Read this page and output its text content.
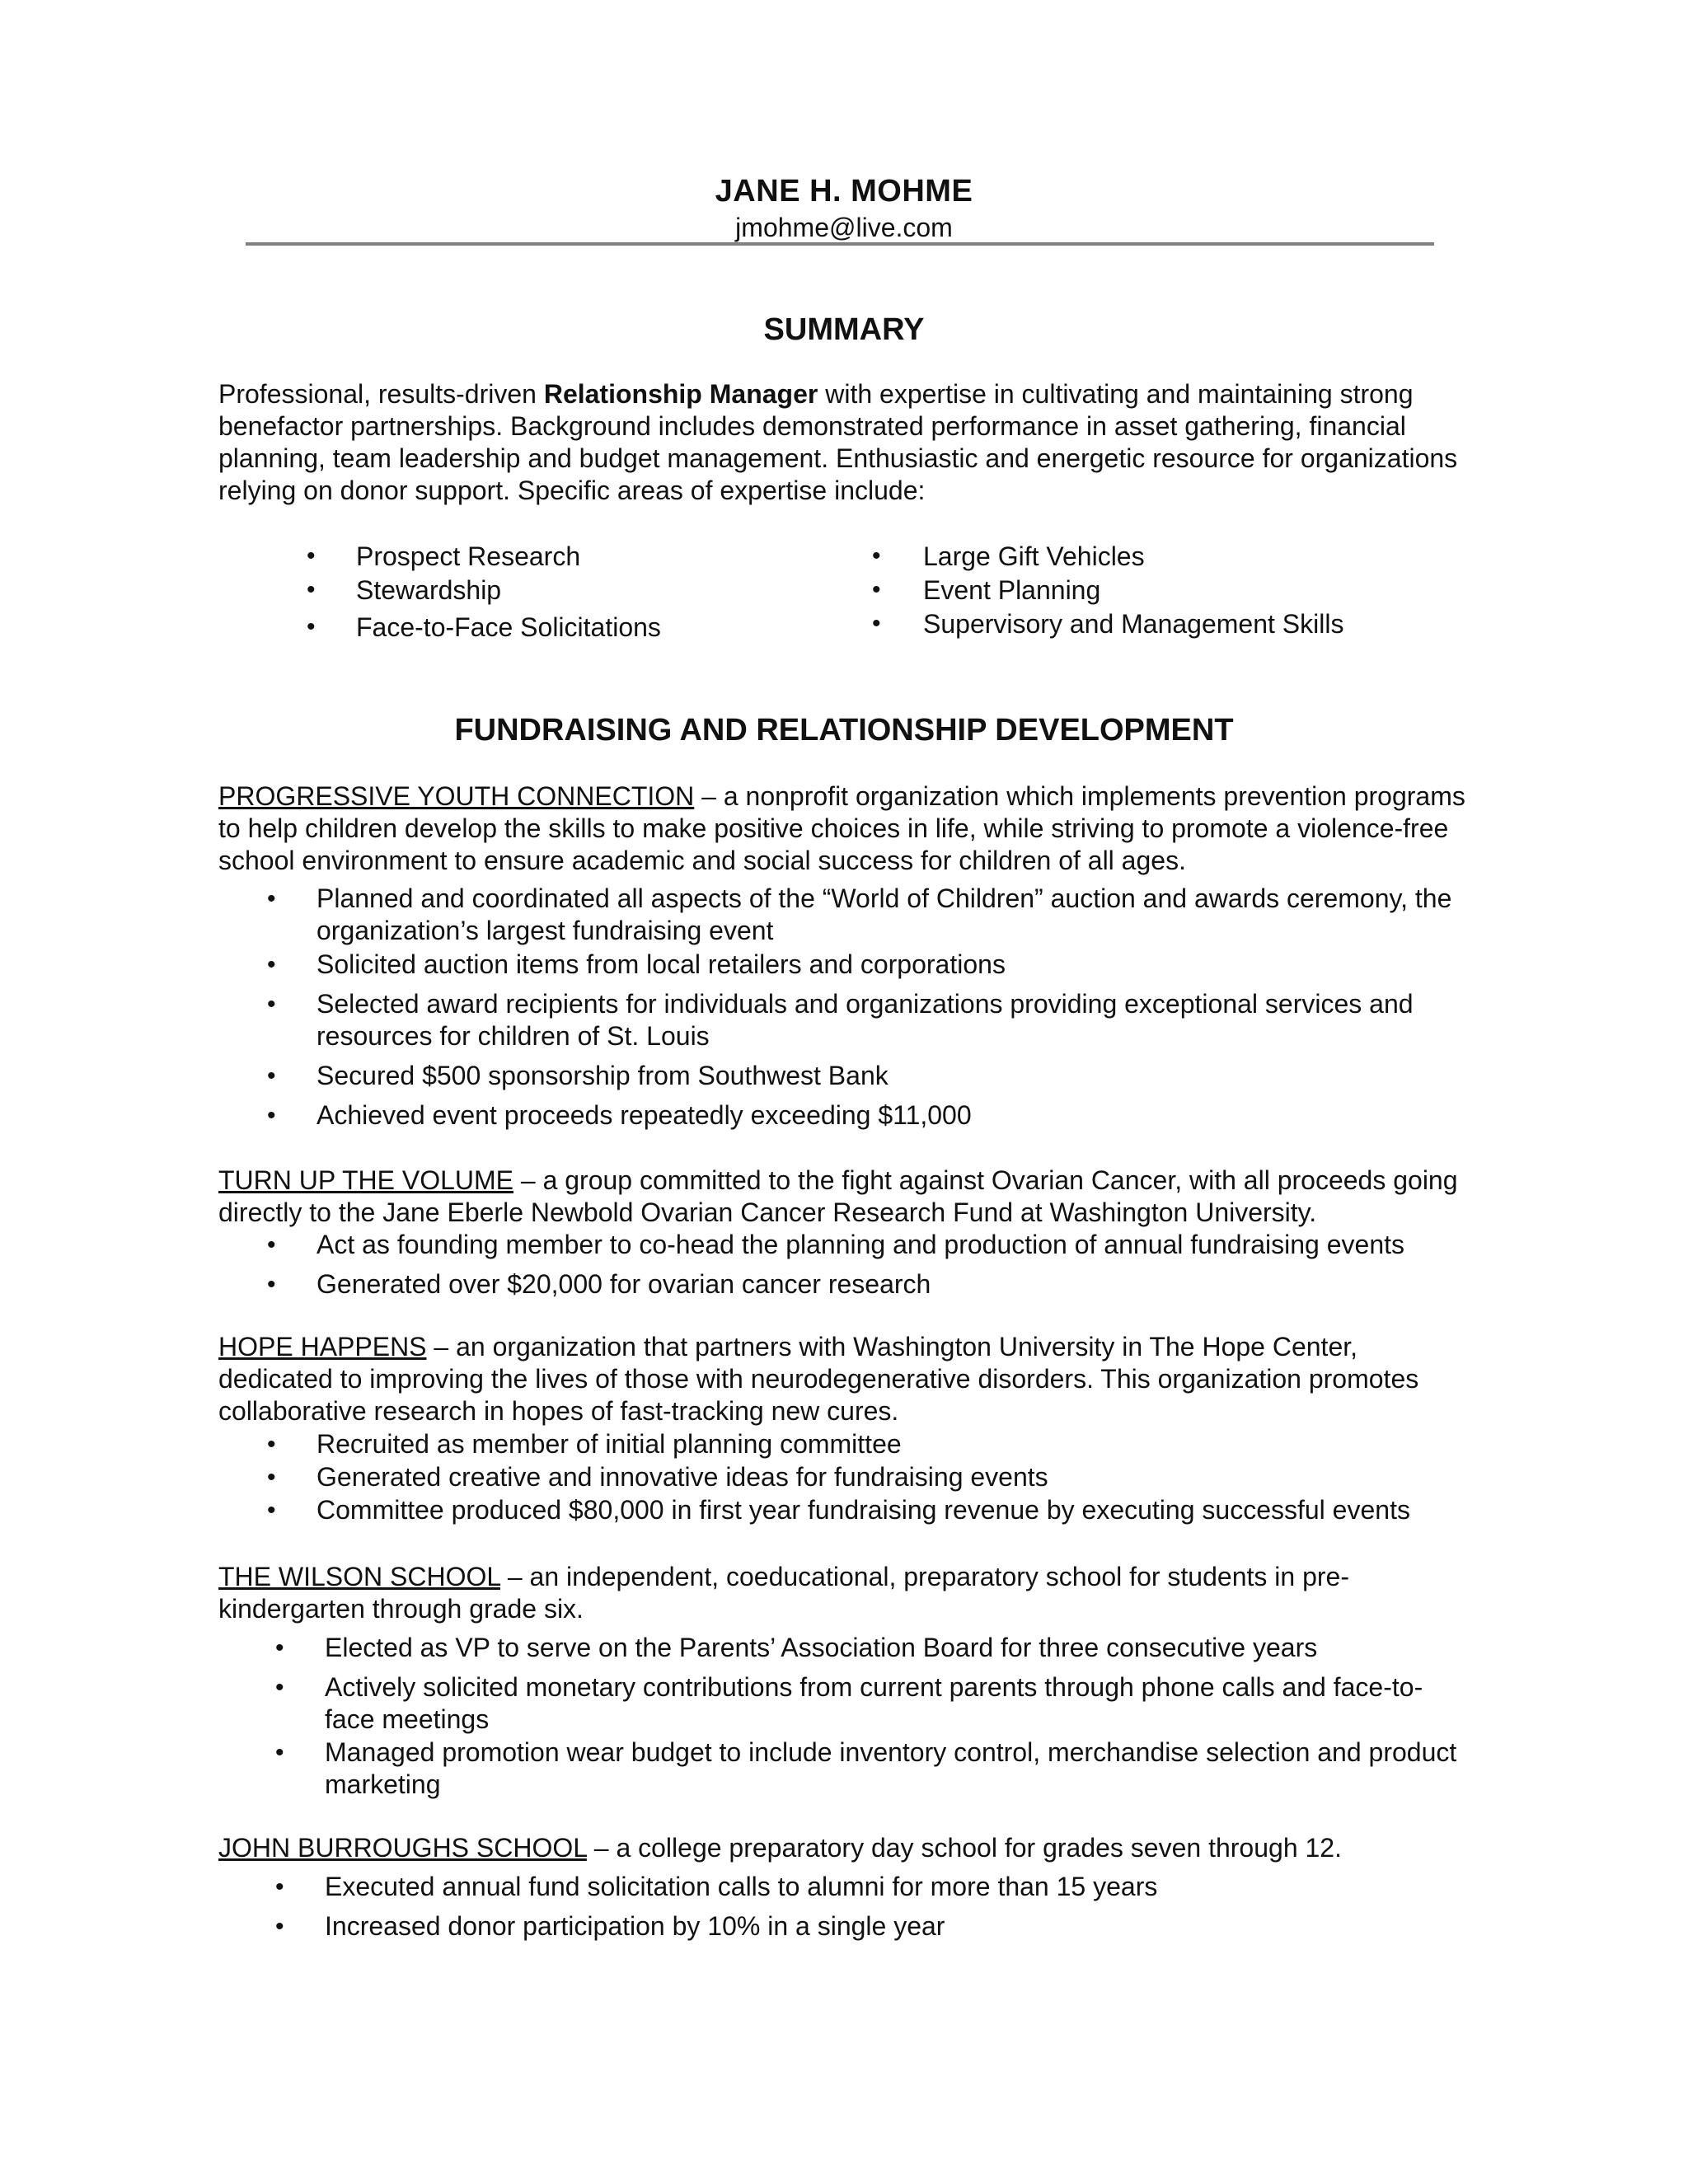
JANE H. MOHME
jmohme@live.com
SUMMARY
Professional, results-driven Relationship Manager with expertise in cultivating and maintaining strong benefactor partnerships. Background includes demonstrated performance in asset gathering, financial planning, team leadership and budget management. Enthusiastic and energetic resource for organizations relying on donor support. Specific areas of expertise include:
• Prospect Research
• Stewardship
• Face-to-Face Solicitations
• Large Gift Vehicles
• Event Planning
• Supervisory and Management Skills
FUNDRAISING AND RELATIONSHIP DEVELOPMENT
PROGRESSIVE YOUTH CONNECTION – a nonprofit organization which implements prevention programs to help children develop the skills to make positive choices in life, while striving to promote a violence-free school environment to ensure academic and social success for children of all ages.
• Planned and coordinated all aspects of the “World of Children” auction and awards ceremony, the organization’s largest fundraising event
• Solicited auction items from local retailers and corporations
• Selected award recipients for individuals and organizations providing exceptional services and resources for children of St. Louis
• Secured $500 sponsorship from Southwest Bank
• Achieved event proceeds repeatedly exceeding $11,000
TURN UP THE VOLUME – a group committed to the fight against Ovarian Cancer, with all proceeds going directly to the Jane Eberle Newbold Ovarian Cancer Research Fund at Washington University.
• Act as founding member to co-head the planning and production of annual fundraising events
• Generated over $20,000 for ovarian cancer research
HOPE HAPPENS – an organization that partners with Washington University in The Hope Center, dedicated to improving the lives of those with neurodegenerative disorders. This organization promotes collaborative research in hopes of fast-tracking new cures.
• Recruited as member of initial planning committee
• Generated creative and innovative ideas for fundraising events
• Committee produced $80,000 in first year fundraising revenue by executing successful events
THE WILSON SCHOOL – an independent, coeducational, preparatory school for students in pre-kindergarten through grade six.
• Elected as VP to serve on the Parents’ Association Board for three consecutive years
• Actively solicited monetary contributions from current parents through phone calls and face-to-face meetings
• Managed promotion wear budget to include inventory control, merchandise selection and product marketing
JOHN BURROUGHS SCHOOL – a college preparatory day school for grades seven through 12.
• Executed annual fund solicitation calls to alumni for more than 15 years
• Increased donor participation by 10% in a single year
